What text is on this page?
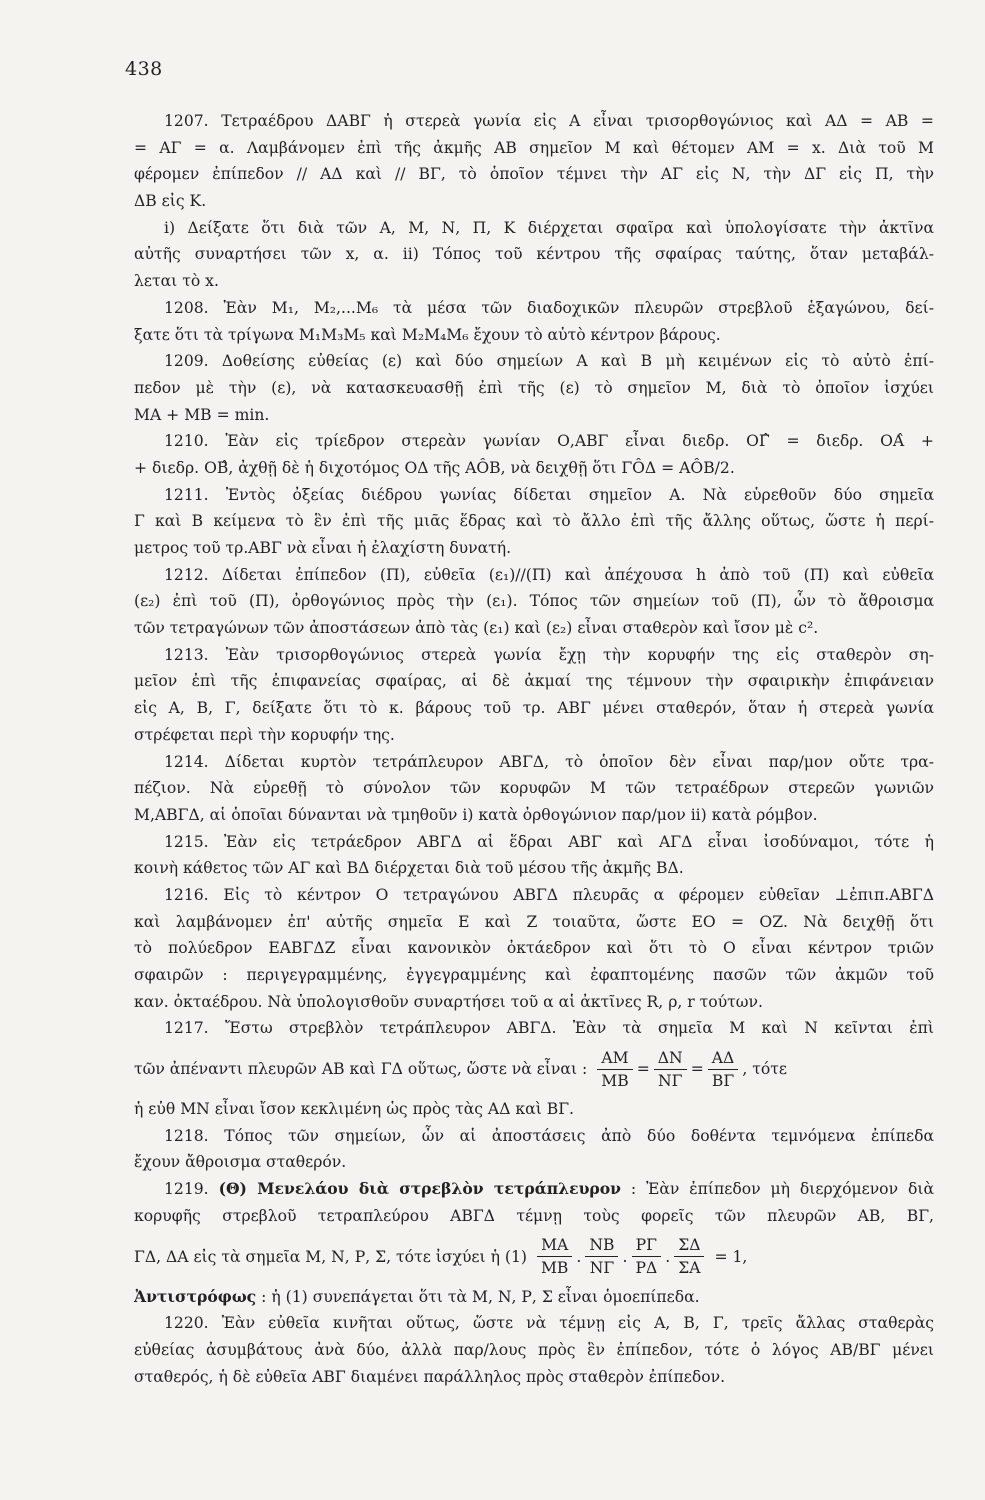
438
1207. Τετραέδρου ΔΑΒΓ ἡ στερεὰ γωνία εἰς Α εἶναι τρισορθογώνιος καὶ ΑΔ = ΑΒ =
= ΑΓ = α. Λαμβάνομεν ἐπὶ τῆς ἀκμῆς ΑΒ σημεῖον Μ καὶ θέτομεν ΑΜ = x. Διὰ τοῦ Μ
φέρομεν ἐπίπεδον // ΑΔ καὶ // ΒΓ, τὸ ὁποῖον τέμνει τὴν ΑΓ εἰς Ν, τὴν ΔΓ εἰς Π, τὴν
ΔΒ εἰς Κ.
i) Δείξατε ὅτι διὰ τῶν Α, Μ, Ν, Π, Κ διέρχεται σφαῖρα καὶ ὑπολογίσατε τὴν ἀκτῖνα
αὐτῆς συναρτήσει τῶν x, α. ii) Τόπος τοῦ κέντρου τῆς σφαίρας ταύτης, ὅταν μεταβάλ-
λεται τὸ x.
1208. Ἐὰν Μ₁, Μ₂,...Μ₆ τὰ μέσα τῶν διαδοχικῶν πλευρῶν στρεβλοῦ ἑξαγώνου, δεί-
ξατε ὅτι τὰ τρίγωνα Μ₁Μ₃Μ₅ καὶ Μ₂Μ₄Μ₆ ἔχουν τὸ αὐτὸ κέντρον βάρους.
1209. Δοθείσης εὐθείας (ε) καὶ δύο σημείων Α καὶ Β μὴ κειμένων εἰς τὸ αὐτὸ ἐπί-
πεδον μὲ τὴν (ε), νὰ κατασκευασθῇ ἐπὶ τῆς (ε) τὸ σημεῖον Μ, διὰ τὸ ὁποῖον ἰσχύει
ΜΑ + ΜΒ = min.
1210. Ἐὰν εἰς τρίεδρον στερεὰν γωνίαν Ο,ΑΒΓ εἶναι διεδρ. ΟΓ̂ = διεδρ. ΟΑ̂ +
+ διεδρ. ΟΒ̂, ἀχθῇ δὲ ἡ διχοτόμος ΟΔ τῆς ΑÔΒ, νὰ δειχθῇ ὅτι ΓÔΔ = ΑÔΒ/2.
1211. Ἐντὸς ὀξείας διέδρου γωνίας δίδεται σημεῖον Α. Νὰ εὑρεθοῦν δύο σημεῖα
Γ καὶ Β κείμενα τὸ ἓν ἐπὶ τῆς μιᾶς ἕδρας καὶ τὸ ἄλλο ἐπὶ τῆς ἄλλης οὕτως, ὥστε ἡ περί-
μετρος τοῦ τρ.ΑΒΓ νὰ εἶναι ἡ ἐλαχίστη δυνατή.
1212. Δίδεται ἐπίπεδον (Π), εὐθεῖα (ε₁)//(Π) καὶ ἀπέχουσα h ἀπὸ τοῦ (Π) καὶ εὐθεῖα
(ε₂) ἐπὶ τοῦ (Π), ὀρθογώνιος πρὸς τὴν (ε₁). Τόπος τῶν σημείων τοῦ (Π), ὧν τὸ ἄθροισμα
τῶν τετραγώνων τῶν ἀποστάσεων ἀπὸ τὰς (ε₁) καὶ (ε₂) εἶναι σταθερὸν καὶ ἴσον μὲ c².
1213. Ἐὰν τρισορθογώνιος στερεὰ γωνία ἔχῃ τὴν κορυφήν της εἰς σταθερὸν ση-
μεῖον ἐπὶ τῆς ἐπιφανείας σφαίρας, αἱ δὲ ἀκμαί της τέμνουν τὴν σφαιρικὴν ἐπιφάνειαν
εἰς Α, Β, Γ, δείξατε ὅτι τὸ κ. βάρους τοῦ τρ. ΑΒΓ μένει σταθερόν, ὅταν ἡ στερεὰ γωνία
στρέφεται περὶ τὴν κορυφήν της.
1214. Δίδεται κυρτὸν τετράπλευρον ΑΒΓΔ, τὸ ὁποῖον δὲν εἶναι παρ/μον οὔτε τρα-
πέζιον. Νὰ εὑρεθῇ τὸ σύνολον τῶν κορυφῶν Μ τῶν τετραέδρων στερεῶν γωνιῶν
Μ,ΑΒΓΔ, αἱ ὁποῖαι δύνανται νὰ τμηθοῦν i) κατὰ ὀρθογώνιον παρ/μον ii) κατὰ ρόμβον.
1215. Ἐὰν εἰς τετράεδρον ΑΒΓΔ αἱ ἕδραι ΑΒΓ καὶ ΑΓΔ εἶναι ἰσοδύναμοι, τότε ἡ
κοινὴ κάθετος τῶν ΑΓ καὶ ΒΔ διέρχεται διὰ τοῦ μέσου τῆς ἀκμῆς ΒΔ.
1216. Εἰς τὸ κέντρον Ο τετραγώνου ΑΒΓΔ πλευρᾶς α φέρομεν εὐθεῖαν ⊥ἐπιπ.ΑΒΓΔ
καὶ λαμβάνομεν ἐπ' αὐτῆς σημεῖα Ε καὶ Ζ τοιαῦτα, ὥστε ΕΟ = ΟΖ. Νὰ δειχθῇ ὅτι
τὸ πολύεδρον ΕΑΒΓΔΖ εἶναι κανονικὸν ὀκτάεδρον καὶ ὅτι τὸ Ο εἶναι κέντρον τριῶν
σφαιρῶν : περιγεγραμμένης, ἐγγεγραμμένης καὶ ἐφαπτομένης πασῶν τῶν ἀκμῶν τοῦ
καν. ὀκταέδρου. Νὰ ὑπολογισθοῦν συναρτήσει τοῦ α αἱ ἀκτῖνες R, ρ, r τούτων.
1217. Ἔστω στρεβλὸν τετράπλευρον ΑΒΓΔ. Ἐὰν τὰ σημεῖα Μ καὶ Ν κεῖνται ἐπὶ
τῶν ἀπέναντι πλευρῶν ΑΒ καὶ ΓΔ οὕτως, ὥστε νὰ εἶναι : $\frac{AM}{MB} = \frac{\Delta N}{N\Gamma} = \frac{A\Delta}{B\Gamma}$ , τότε
ἡ εὐθ ΜΝ εἶναι ἴσον κεκλιμένη ὡς πρὸς τὰς ΑΔ καὶ ΒΓ.
1218. Τόπος τῶν σημείων, ὧν αἱ ἀποστάσεις ἀπὸ δύο δοθέντα τεμνόμενα ἐπίπεδα
ἔχουν ἄθροισμα σταθερόν.
1219. (Θ) Μενελάου διὰ στρεβλὸν τετράπλευρον : Ἐὰν ἐπίπεδον μὴ διερχόμενον διὰ
κορυφῆς στρεβλοῦ τετραπλεύρου ΑΒΓΔ τέμνῃ τοὺς φορεῖς τῶν πλευρῶν ΑΒ, ΒΓ,
ΓΔ, ΔΑ εἰς τὰ σημεῖα Μ, Ν, Ρ, Σ, τότε ἰσχύει ἡ $(1) \frac{MA}{MB}$ . $\frac{NB}{N\Gamma}$ . $\frac{P\Gamma}{P\Delta}$ . $\frac{\Sigma\Delta}{\Sigma A} = 1$,
Ἀντιστρόφως : ἡ (1) συνεπάγεται ὅτι τὰ Μ, Ν, Ρ, Σ εἶναι ὁμοεπίπεδα.
1220. Ἐὰν εὐθεῖα κινῆται οὕτως, ὥστε νὰ τέμνῃ εἰς Α, Β, Γ, τρεῖς ἄλλας σταθερὰς
εὐθείας ἀσυμβάτους ἀνὰ δύο, ἀλλὰ παρ/λους πρὸς ἓν ἐπίπεδον, τότε ὁ λόγος ΑΒ/ΒΓ μένει
σταθερός, ἡ δὲ εὐθεῖα ΑΒΓ διαμένει παράλληλος πρὸς σταθερὸν ἐπίπεδον.
